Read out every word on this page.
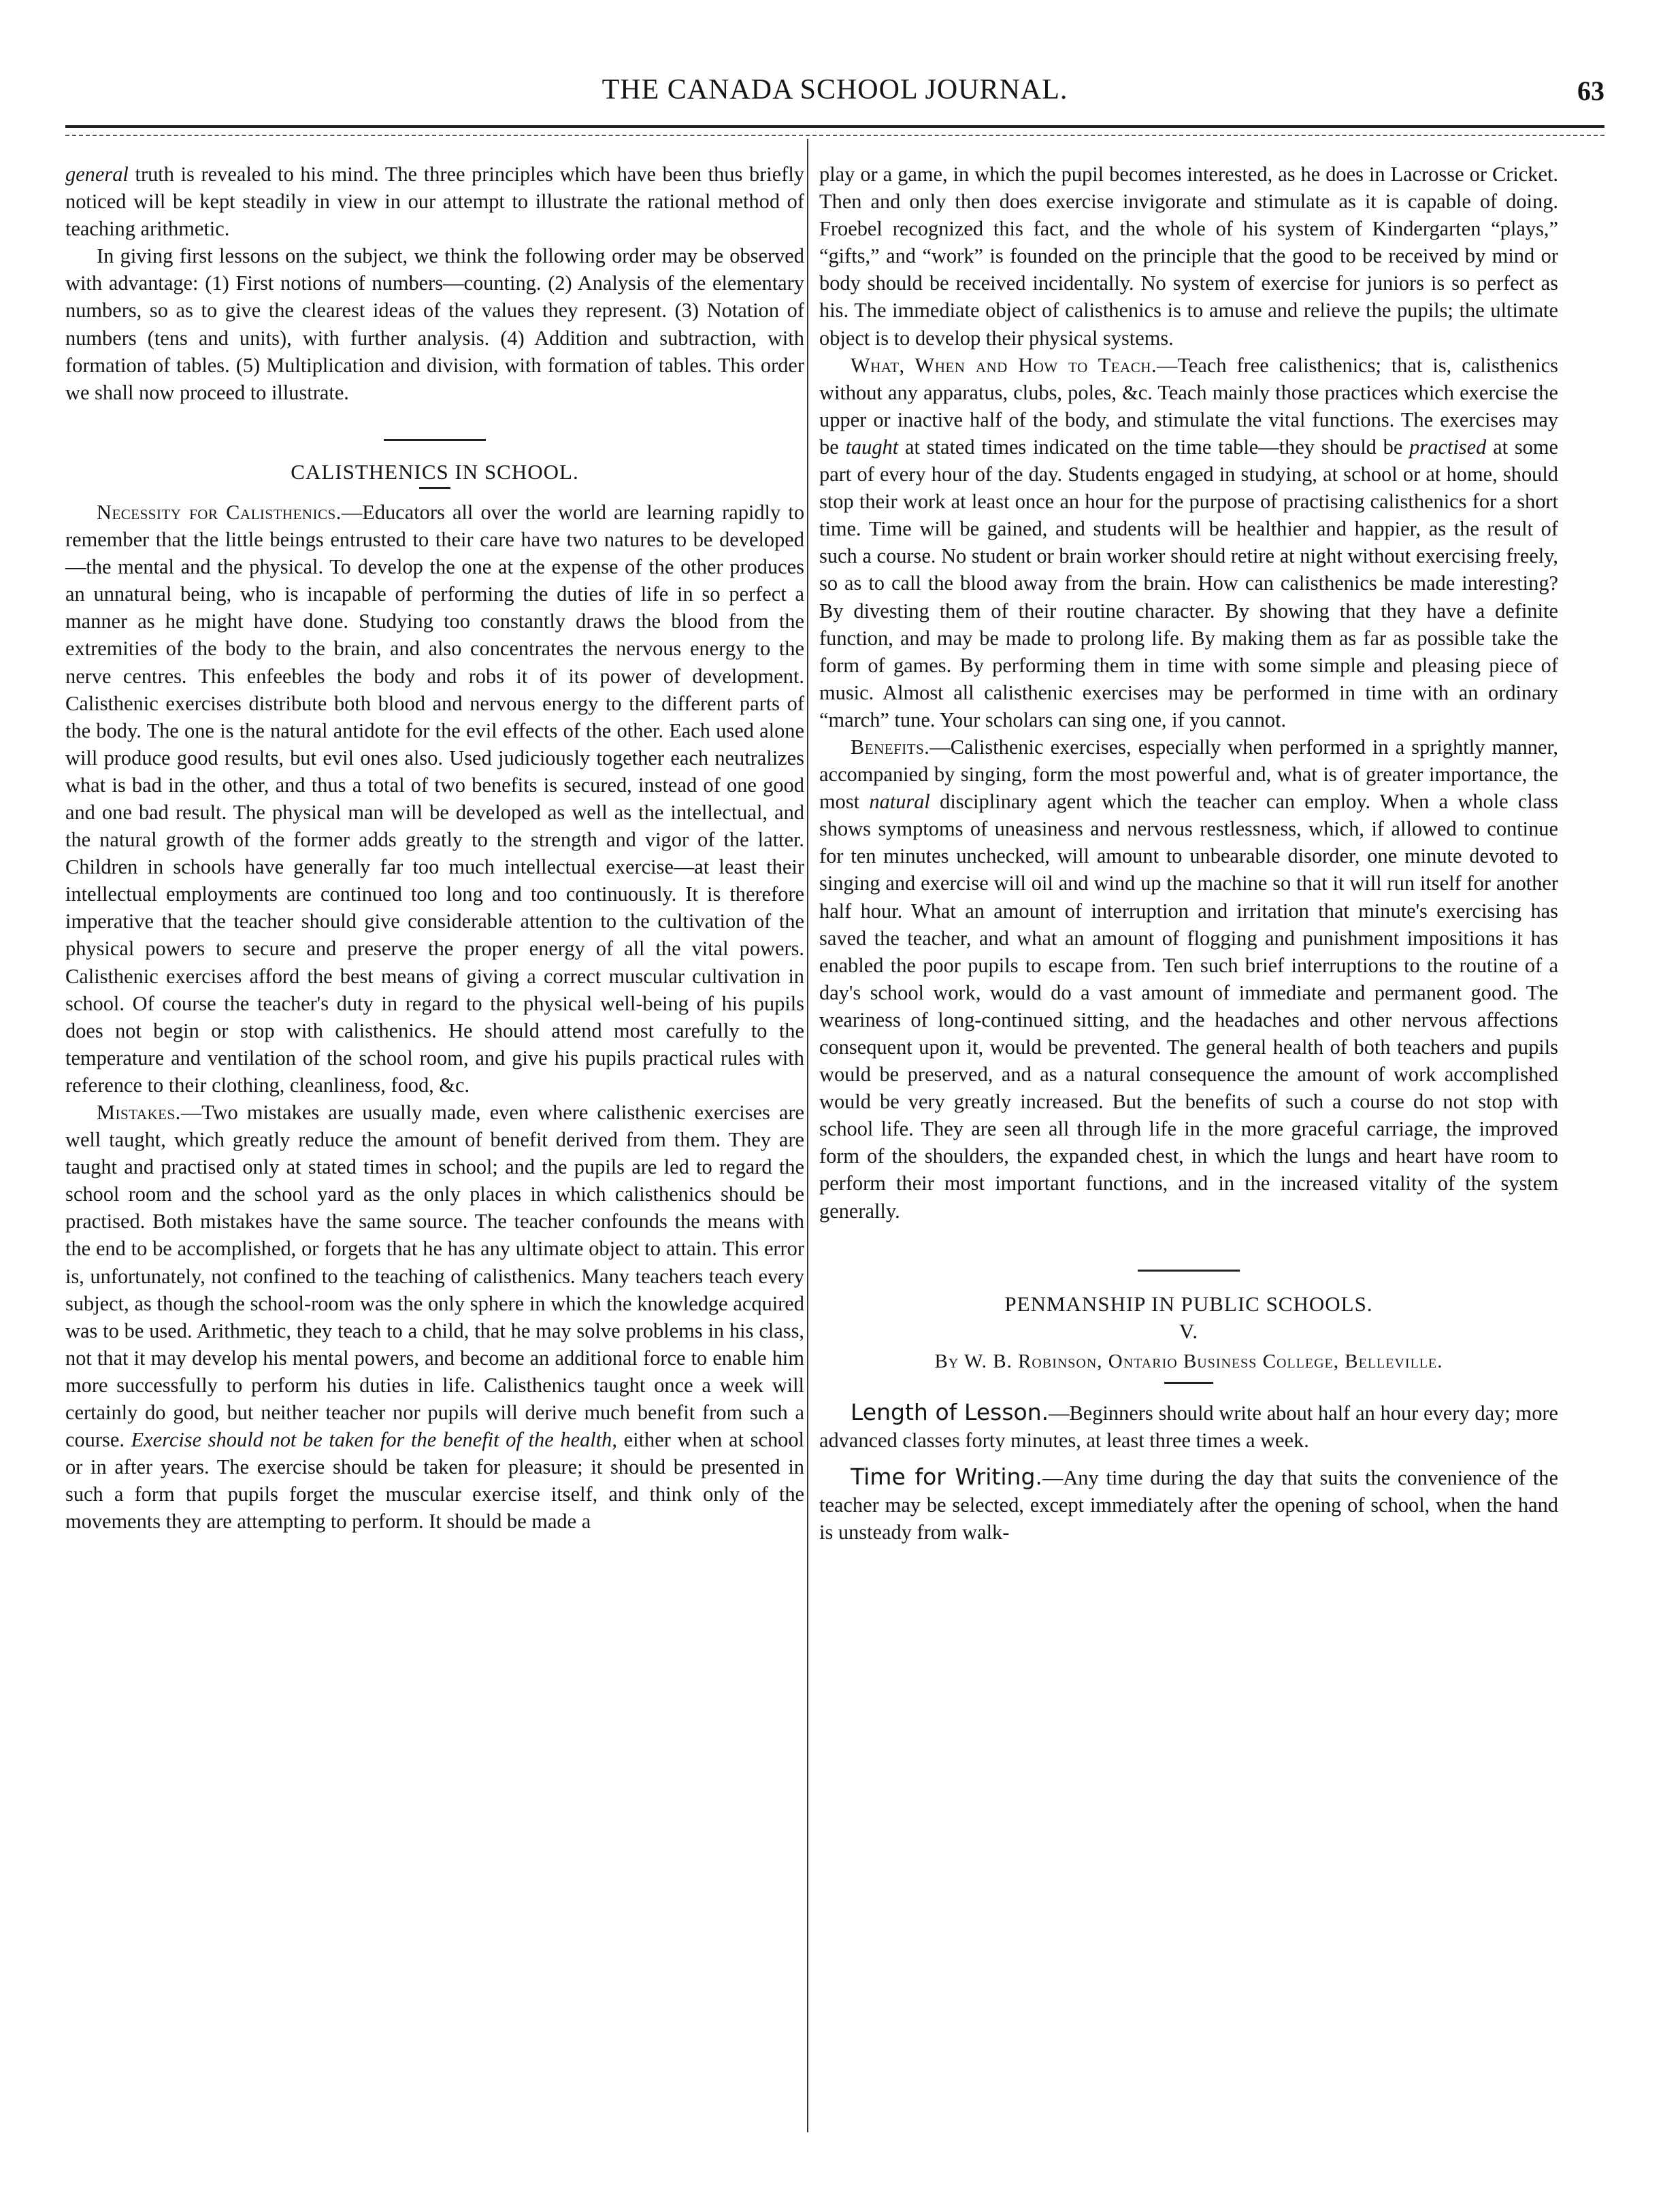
THE CANADA SCHOOL JOURNAL.	63

general truth is revealed to his mind. The three principles which have been thus briefly noticed will be kept steadily in view in our attempt to illustrate the rational method of teaching arithmetic.

In giving first lessons on the subject, we think the following order may be observed with advantage: (1) First notions of numbers—counting. (2) Analysis of the elementary numbers, so as to give the clearest ideas of the values they represent. (3) Notation of numbers (tens and units), with further analysis. (4) Addition and subtraction, with formation of tables. (5) Multiplication and division, with formation of tables. This order we shall now proceed to illustrate.

CALISTHENICS IN SCHOOL.

Necessity for Calisthenics.—Educators all over the world are learning rapidly to remember that the little beings entrusted to their care have two natures to be developed—the mental and the physical. To develop the one at the expense of the other produces an unnatural being, who is incapable of performing the duties of life in so perfect a manner as he might have done. Studying too constantly draws the blood from the extremities of the body to the brain, and also concentrates the nervous energy to the nerve centres. This enfeebles the body and robs it of its power of development. Calisthenic exercises distribute both blood and nervous energy to the different parts of the body. The one is the natural antidote for the evil effects of the other. Each used alone will produce good results, but evil ones also. Used judiciously together each neutralizes what is bad in the other, and thus a total of two benefits is secured, instead of one good and one bad result. The physical man will be developed as well as the intellectual, and the natural growth of the former adds greatly to the strength and vigor of the latter. Children in schools have generally far too much intellectual exercise—at least their intellectual employments are continued too long and too continuously. It is therefore imperative that the teacher should give considerable attention to the cultivation of the physical powers to secure and preserve the proper energy of all the vital powers. Calisthenic exercises afford the best means of giving a correct muscular cultivation in school. Of course the teacher's duty in regard to the physical well-being of his pupils does not begin or stop with calisthenics. He should attend most carefully to the temperature and ventilation of the school room, and give his pupils practical rules with reference to their clothing, cleanliness, food, &c.

Mistakes.—Two mistakes are usually made, even where calisthenic exercises are well taught, which greatly reduce the amount of benefit derived from them. They are taught and practised only at stated times in school; and the pupils are led to regard the school room and the school yard as the only places in which calisthenics should be practised. Both mistakes have the same source. The teacher confounds the means with the end to be accomplished, or forgets that he has any ultimate object to attain. This error is, unfortunately, not confined to the teaching of calisthenics. Many teachers teach every subject, as though the school-room was the only sphere in which the knowledge acquired was to be used. Arithmetic, they teach to a child, that he may solve problems in his class, not that it may develop his mental powers, and become an additional force to enable him more successfully to perform his duties in life. Calisthenics taught once a week will certainly do good, but neither teacher nor pupils will derive much benefit from such a course. Exercise should not be taken for the benefit of the health, either when at school or in after years. The exercise should be taken for pleasure; it should be presented in such a form that pupils forget the muscular exercise itself, and think only of the movements they are attempting to perform. It should be made a

play or a game, in which the pupil becomes interested, as he does in Lacrosse or Cricket. Then and only then does exercise invigorate and stimulate as it is capable of doing. Froebel recognized this fact, and the whole of his system of Kindergarten “plays,” “gifts,” and “work” is founded on the principle that the good to be received by mind or body should be received incidentally. No system of exercise for juniors is so perfect as his. The immediate object of calisthenics is to amuse and relieve the pupils; the ultimate object is to develop their physical systems.

What, When and How to Teach.—Teach free calisthenics; that is, calisthenics without any apparatus, clubs, poles, &c. Teach mainly those practices which exercise the upper or inactive half of the body, and stimulate the vital functions. The exercises may be taught at stated times indicated on the time table—they should be practised at some part of every hour of the day. Students engaged in studying, at school or at home, should stop their work at least once an hour for the purpose of practising calisthenics for a short time. Time will be gained, and students will be healthier and happier, as the result of such a course. No student or brain worker should retire at night without exercising freely, so as to call the blood away from the brain. How can calisthenics be made interesting? By divesting them of their routine character. By showing that they have a definite function, and may be made to prolong life. By making them as far as possible take the form of games. By performing them in time with some simple and pleasing piece of music. Almost all calisthenic exercises may be performed in time with an ordinary “march” tune. Your scholars can sing one, if you cannot.

Benefits.—Calisthenic exercises, especially when performed in a sprightly manner, accompanied by singing, form the most powerful and, what is of greater importance, the most natural disciplinary agent which the teacher can employ. When a whole class shows symptoms of uneasiness and nervous restlessness, which, if allowed to continue for ten minutes unchecked, will amount to unbearable disorder, one minute devoted to singing and exercise will oil and wind up the machine so that it will run itself for another half hour. What an amount of interruption and irritation that minute's exercising has saved the teacher, and what an amount of flogging and punishment impositions it has enabled the poor pupils to escape from. Ten such brief interruptions to the routine of a day's school work, would do a vast amount of immediate and permanent good. The weariness of long-continued sitting, and the headaches and other nervous affections consequent upon it, would be prevented. The general health of both teachers and pupils would be preserved, and as a natural consequence the amount of work accomplished would be very greatly increased. But the benefits of such a course do not stop with school life. They are seen all through life in the more graceful carriage, the improved form of the shoulders, the expanded chest, in which the lungs and heart have room to perform their most important functions, and in the increased vitality of the system generally.

PENMANSHIP IN PUBLIC SCHOOLS.

V.

By W. B. Robinson, Ontario Business College, Belleville.

Length of Lesson.—Beginners should write about half an hour every day; more advanced classes forty minutes, at least three times a week.

Time for Writing.—Any time during the day that suits the convenience of the teacher may be selected, except immediately after the opening of school, when the hand is unsteady from walk-
